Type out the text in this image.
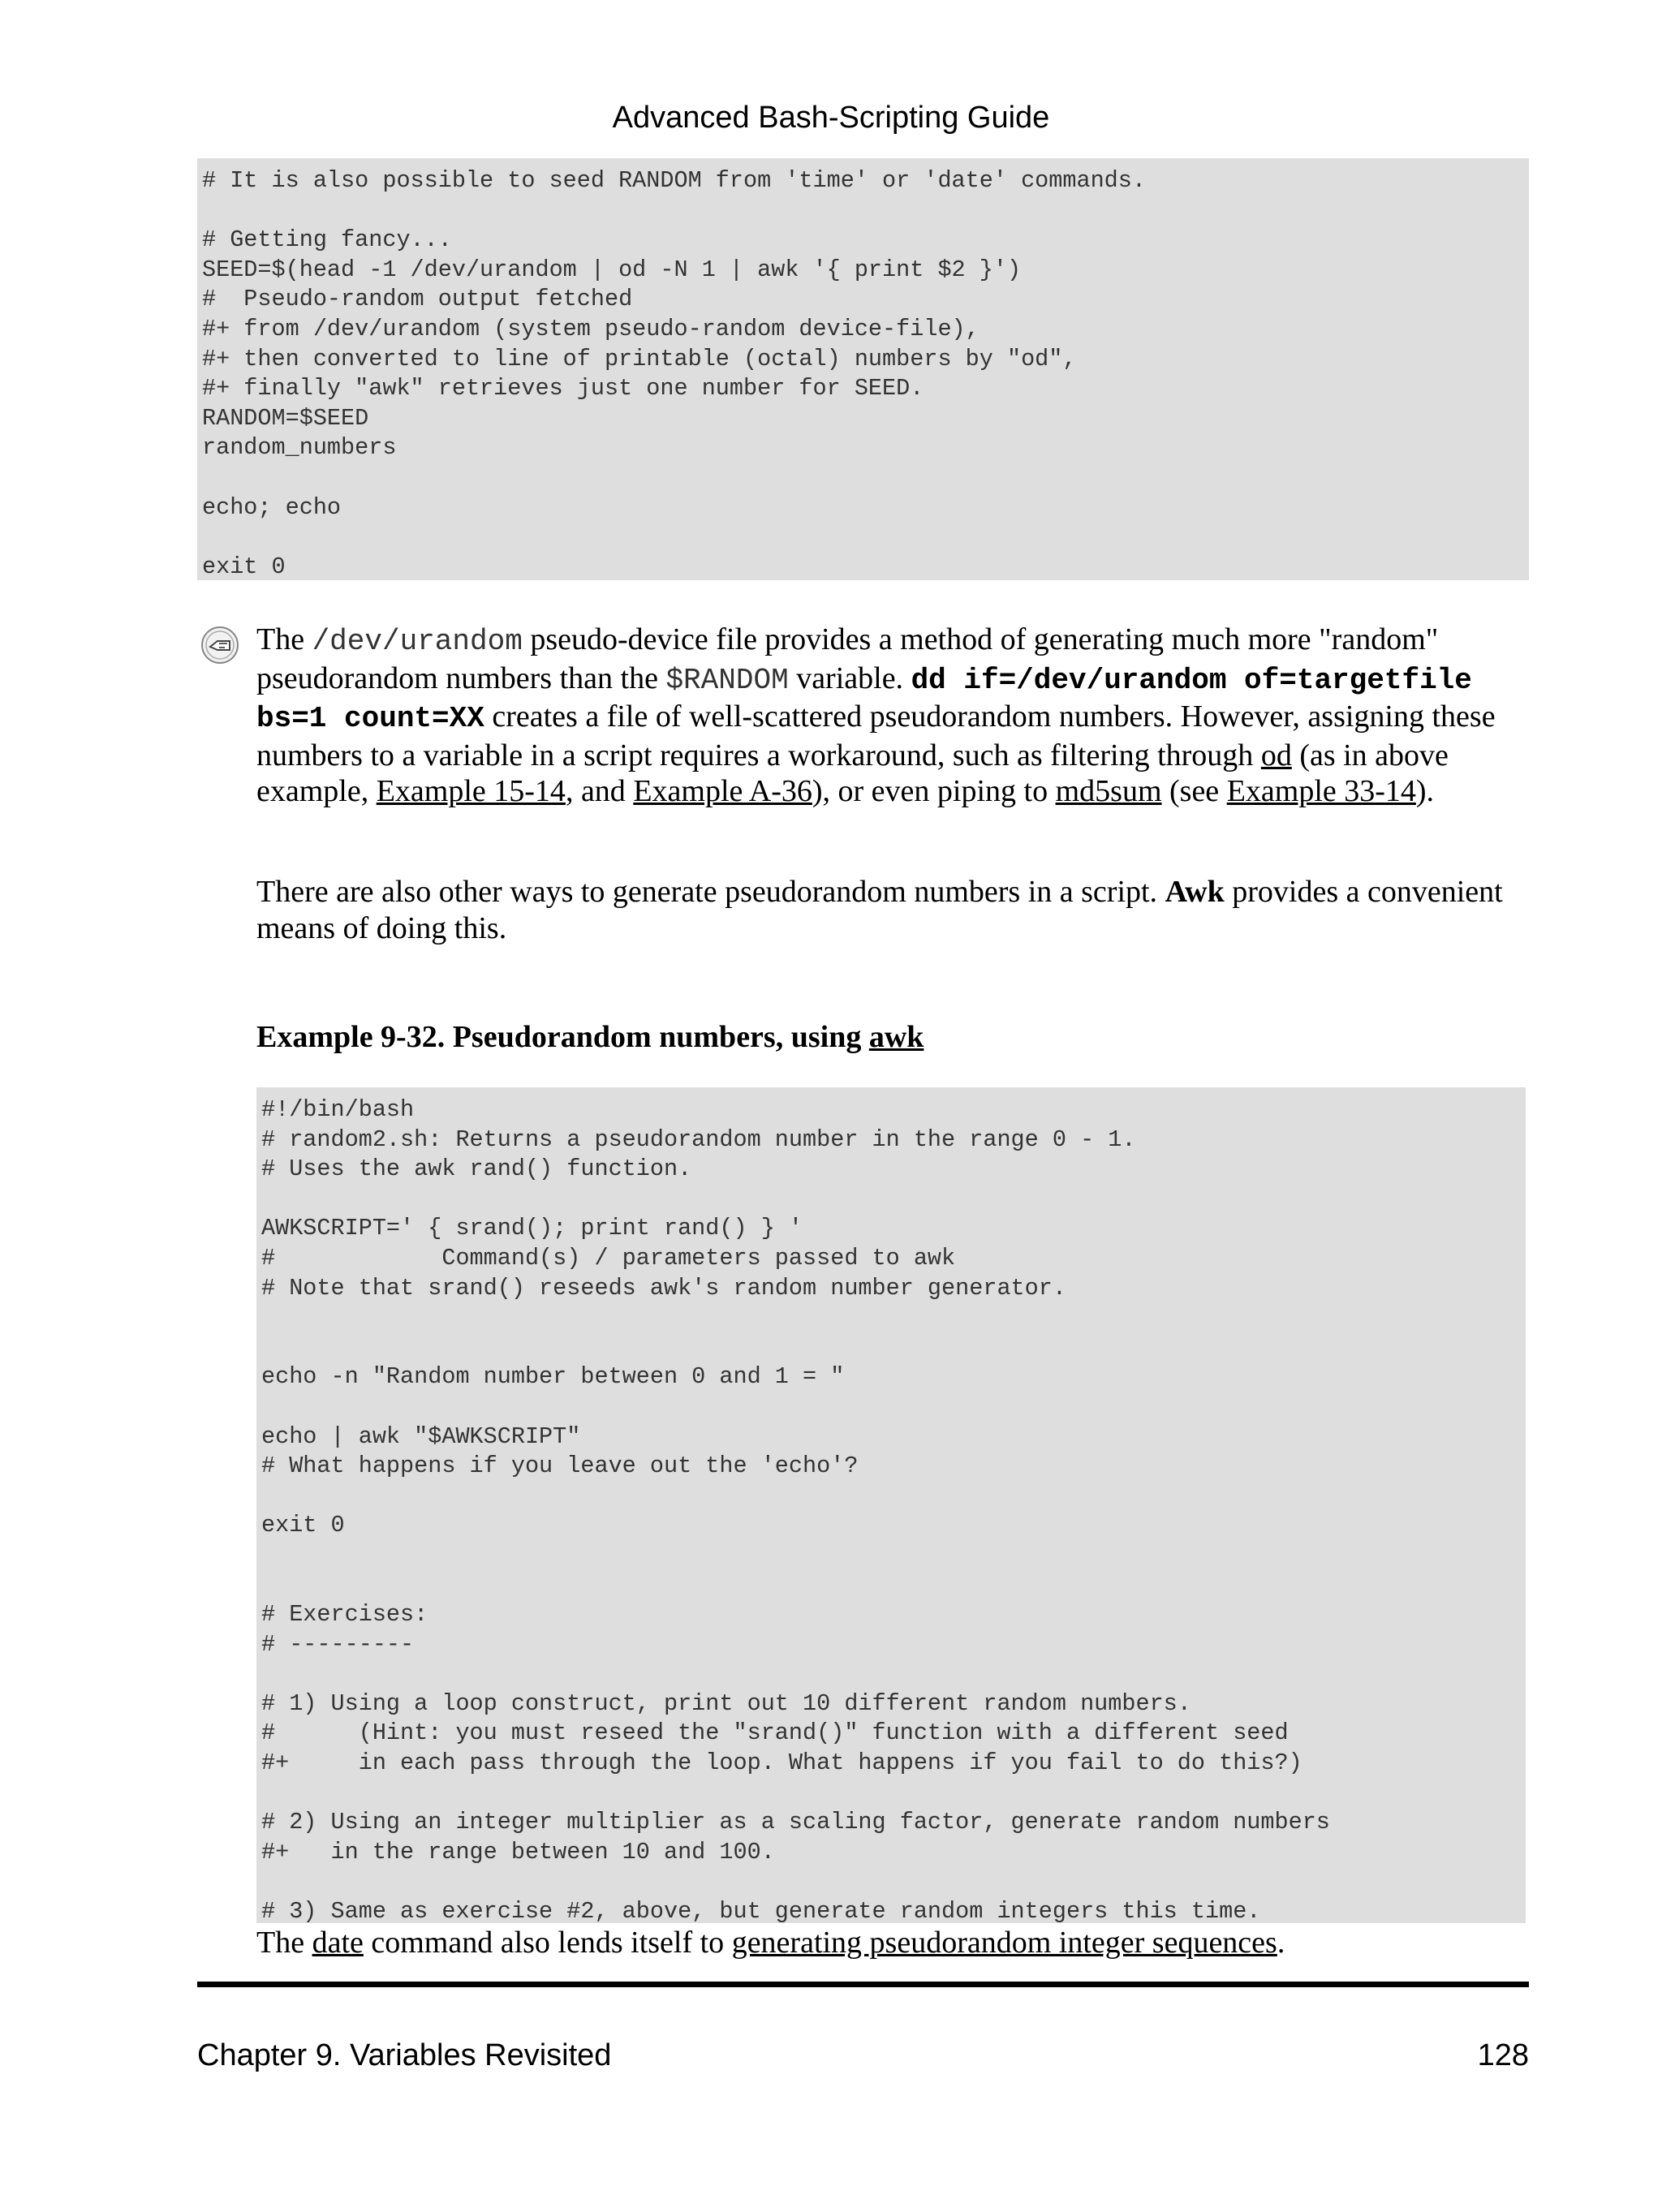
Advanced Bash-Scripting Guide
# It is also possible to seed RANDOM from 'time' or 'date' commands.
# Getting fancy...
SEED=$(head -1 /dev/urandom | od -N 1 | awk '{ print $2 }')
#  Pseudo-random output fetched
#+ from /dev/urandom (system pseudo-random device-file),
#+ then converted to line of printable (octal) numbers by "od",
#+ finally "awk" retrieves just one number for SEED.
RANDOM=$SEED
random_numbers
echo; echo
exit 0
The /dev/urandom pseudo-device file provides a method of generating much more "random" pseudorandom numbers than the $RANDOM variable. dd if=/dev/urandom of=targetfile bs=1 count=XX creates a file of well-scattered pseudorandom numbers. However, assigning these numbers to a variable in a script requires a workaround, such as filtering through od (as in above example, Example 15-14, and Example A-36), or even piping to md5sum (see Example 33-14).
There are also other ways to generate pseudorandom numbers in a script. Awk provides a convenient means of doing this.
Example 9-32. Pseudorandom numbers, using awk
#!/bin/bash
# random2.sh: Returns a pseudorandom number in the range 0 - 1.
# Uses the awk rand() function.
AWKSCRIPT=' { srand(); print rand() } '
#            Command(s) / parameters passed to awk
# Note that srand() reseeds awk's random number generator.
echo -n "Random number between 0 and 1 = "
echo | awk "$AWKSCRIPT"
# What happens if you leave out the 'echo'?
exit 0
# Exercises:
# ---------
# 1) Using a loop construct, print out 10 different random numbers.
#      (Hint: you must reseed the "srand()" function with a different seed
#+     in each pass through the loop. What happens if you fail to do this?)
# 2) Using an integer multiplier as a scaling factor, generate random numbers
#+   in the range between 10 and 100.
# 3) Same as exercise #2, above, but generate random integers this time.
The date command also lends itself to generating pseudorandom integer sequences.
Chapter 9. Variables Revisited	128
